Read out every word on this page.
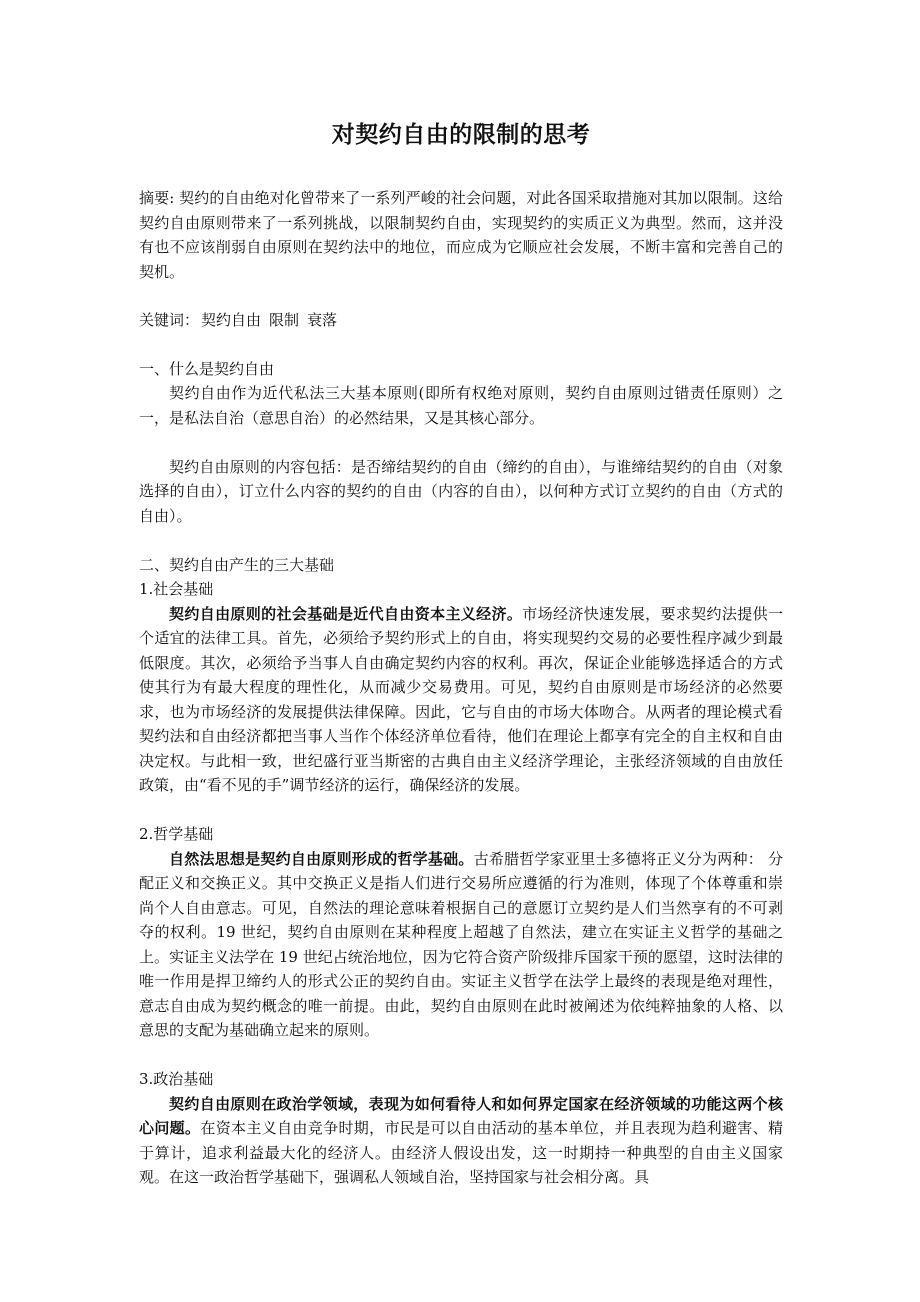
对契约自由的限制的思考

摘要: 契约的自由绝对化曾带来了一系列严峻的社会问题，对此各国采取措施对其加以限制。这给契约自由原则带来了一系列挑战，以限制契约自由，实现契约的实质正义为典型。然而，这并没有也不应该削弱自由原则在契约法中的地位，而应成为它顺应社会发展，不断丰富和完善自己的契机。

关键词： 契约自由 限制 衰落

一、什么是契约自由

契约自由作为近代私法三大基本原则(即所有权绝对原则，契约自由原则过错责任原则）之一，是私法自治（意思自治）的必然结果，又是其核心部分。

契约自由原则的内容包括：是否缔结契约的自由（缔约的自由），与谁缔结契约的自由（对象选择的自由），订立什么内容的契约的自由（内容的自由），以何种方式订立契约的自由（方式的自由）。

二、契约自由产生的三大基础

1.社会基础

契约自由原则的社会基础是近代自由资本主义经济。市场经济快速发展，要求契约法提供一个适宜的法律工具。首先，必须给予契约形式上的自由，将实现契约交易的必要性程序减少到最低限度。其次，必须给予当事人自由确定契约内容的权利。再次，保证企业能够选择适合的方式使其行为有最大程度的理性化，从而减少交易费用。可见，契约自由原则是市场经济的必然要求，也为市场经济的发展提供法律保障。因此，它与自由的市场大体吻合。从两者的理论模式看契约法和自由经济都把当事人当作个体经济单位看待，他们在理论上都享有完全的自主权和自由决定权。与此相一致，世纪盛行亚当斯密的古典自由主义经济学理论，主张经济领域的自由放任政策，由“看不见的手”调节经济的运行，确保经济的发展。

2.哲学基础

自然法思想是契约自由原则形成的哲学基础。古希腊哲学家亚里士多德将正义分为两种： 分配正义和交换正义。其中交换正义是指人们进行交易所应遵循的行为准则，体现了个体尊重和崇尚个人自由意志。可见，自然法的理论意味着根据自己的意愿订立契约是人们当然享有的不可剥夺的权利。19 世纪，契约自由原则在某种程度上超越了自然法，建立在实证主义哲学的基础之上。实证主义法学在 19 世纪占统治地位，因为它符合资产阶级排斥国家干预的愿望，这时法律的唯一作用是捍卫缔约人的形式公正的契约自由。实证主义哲学在法学上最终的表现是绝对理性，意志自由成为契约概念的唯一前提。由此，契约自由原则在此时被阐述为依纯粹抽象的人格、以意思的支配为基础确立起来的原则。

3.政治基础

契约自由原则在政治学领域，表现为如何看待人和如何界定国家在经济领域的功能这两个核心问题。在资本主义自由竞争时期，市民是可以自由活动的基本单位，并且表现为趋利避害、精于算计，追求利益最大化的经济人。由经济人假设出发，这一时期持一种典型的自由主义国家观。在这一政治哲学基础下，强调私人领域自治，坚持国家与社会相分离。具
